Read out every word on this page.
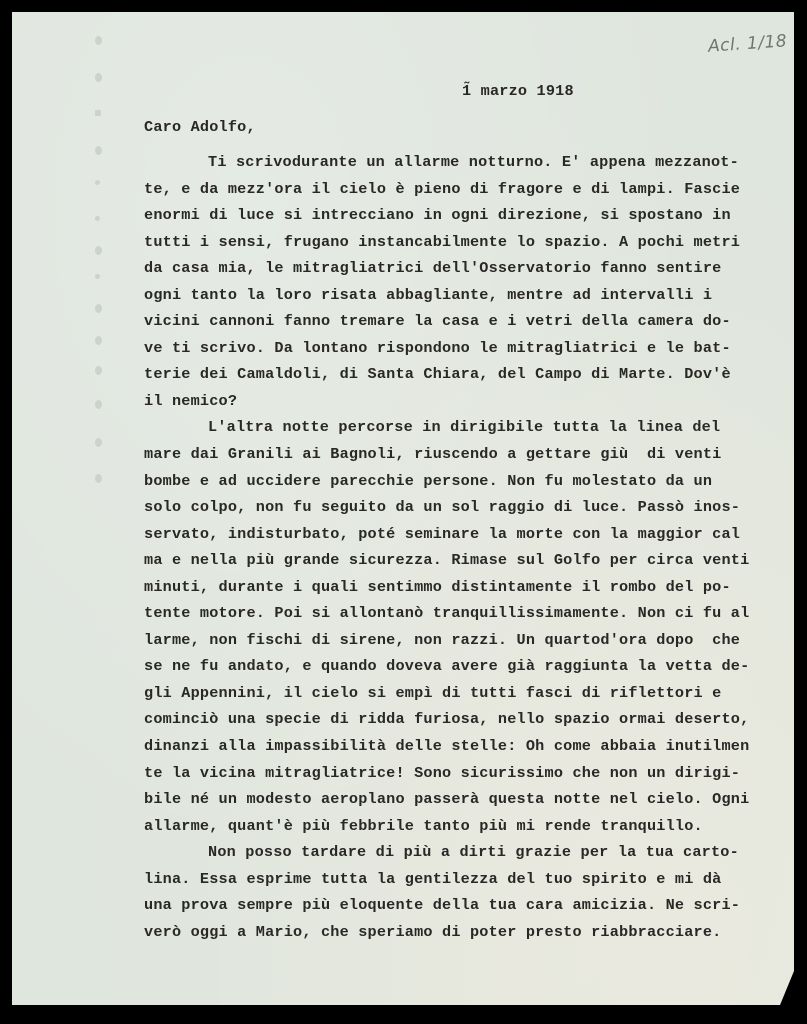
Acl. 1/18
1̃ marzo 1918
Caro Adolfo,
Ti scrivodurante un allarme notturno. E' appena mezzanot-
te, e da mezz'ora il cielo è pieno di fragore e di lampi. Fascie
enormi di luce si intrecciano in ogni direzione, si spostano in
tutti i sensi, frugano instancabilmente lo spazio. A pochi metri
da casa mia, le mitragliatrici dell'Osservatorio fanno sentire
ogni tanto la loro risata abbagliante, mentre ad intervalli i
vicini cannoni fanno tremare la casa e i vetri della camera do-
ve ti scrivo. Da lontano rispondono le mitragliatrici e le bat-
terie dei Camaldoli, di Santa Chiara, del Campo di Marte. Dov'è
il nemico?
L'altra notte percorse in dirigibile tutta la linea del
mare dai Granili ai Bagnoli, riuscendo a gettare giù  di venti
bombe e ad uccidere parecchie persone. Non fu molestato da un
solo colpo, non fu seguito da un sol raggio di luce. Passò inos-
servato, indisturbato, poté seminare la morte con la maggior cal
ma e nella più grande sicurezza. Rimase sul Golfo per circa venti
minuti, durante i quali sentimmo distintamente il rombo del po-
tente motore. Poi si allontanò tranquillissimamente. Non ci fu al
larme, non fischi di sirene, non razzi. Un quartod'ora dopo  che
se ne fu andato, e quando doveva avere già raggiunta la vetta de-
gli Appennini, il cielo si empì di tutti fasci di riflettori e
cominciò una specie di ridda furiosa, nello spazio ormai deserto,
dinanzi alla impassibilità delle stelle: Oh come abbaia inutilmen
te la vicina mitragliatrice! Sono sicurissimo che non un dirigi-
bile né un modesto aeroplano passerà questa notte nel cielo. Ogni
allarme, quant'è più febbrile tanto più mi rende tranquillo.
Non posso tardare di più a dirti grazie per la tua carto-
lina. Essa esprime tutta la gentilezza del tuo spirito e mi dà
una prova sempre più eloquente della tua cara amicizia. Ne scri-
verò oggi a Mario, che speriamo di poter presto riabbracciare.
